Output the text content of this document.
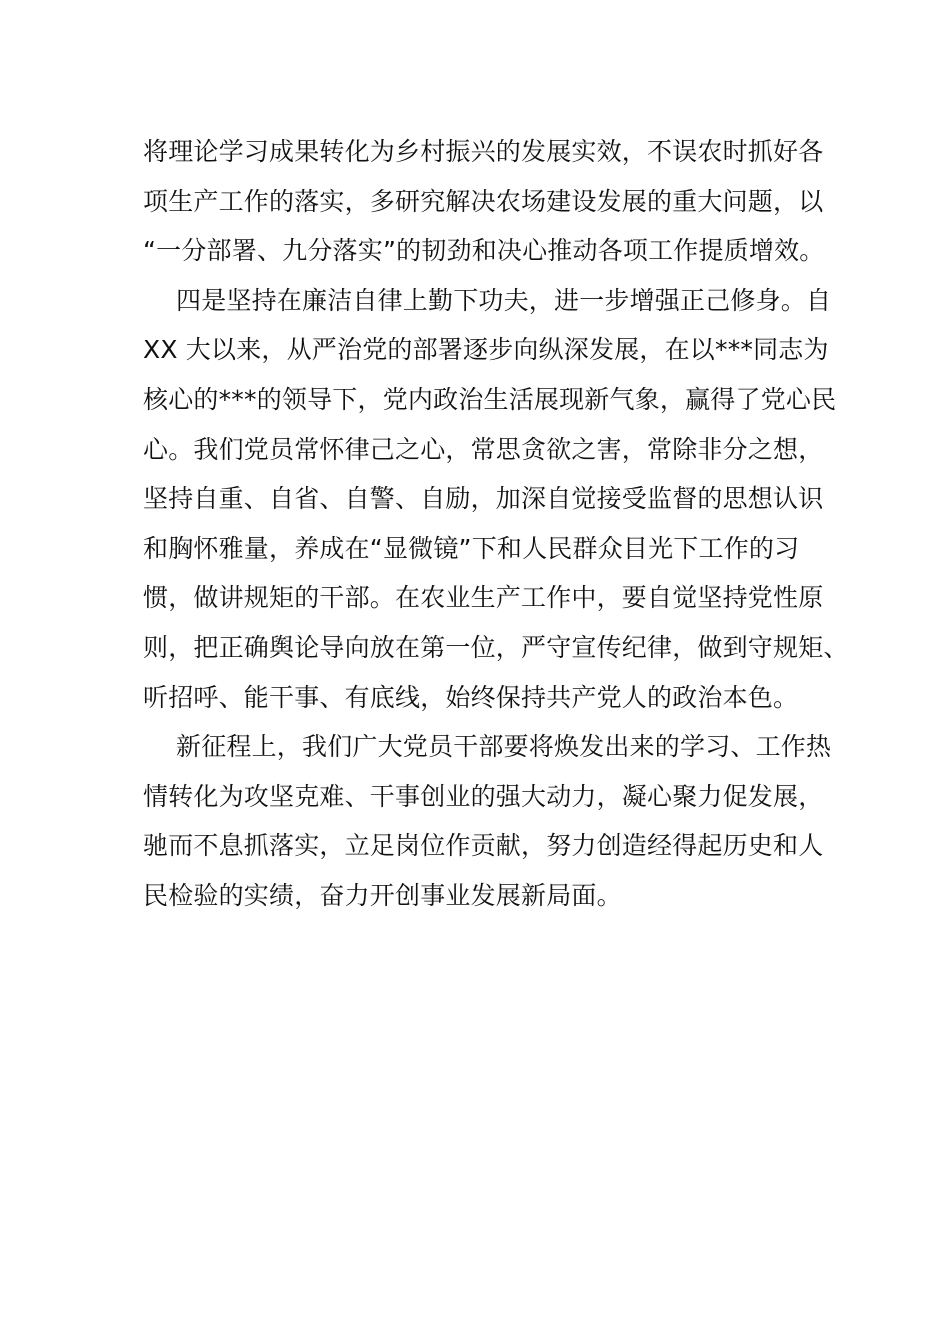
将理论学习成果转化为乡村振兴的发展实效，不误农时抓好各
项生产工作的落实，多研究解决农场建设发展的重大问题，以
“一分部署、九分落实”的韧劲和决心推动各项工作提质增效。
四是坚持在廉洁自律上勤下功夫，进一步增强正己修身。自
XX 大以来，从严治党的部署逐步向纵深发展，在以***同志为
核心的***的领导下，党内政治生活展现新气象，赢得了党心民
心。我们党员常怀律己之心，常思贪欲之害，常除非分之想，
坚持自重、自省、自警、自励，加深自觉接受监督的思想认识
和胸怀雅量，养成在“显微镜”下和人民群众目光下工作的习
惯，做讲规矩的干部。在农业生产工作中，要自觉坚持党性原
则，把正确舆论导向放在第一位，严守宣传纪律，做到守规矩、
听招呼、能干事、有底线，始终保持共产党人的政治本色。
新征程上，我们广大党员干部要将焕发出来的学习、工作热
情转化为攻坚克难、干事创业的强大动力，凝心聚力促发展，
驰而不息抓落实，立足岗位作贡献，努力创造经得起历史和人
民检验的实绩，奋力开创事业发展新局面。
